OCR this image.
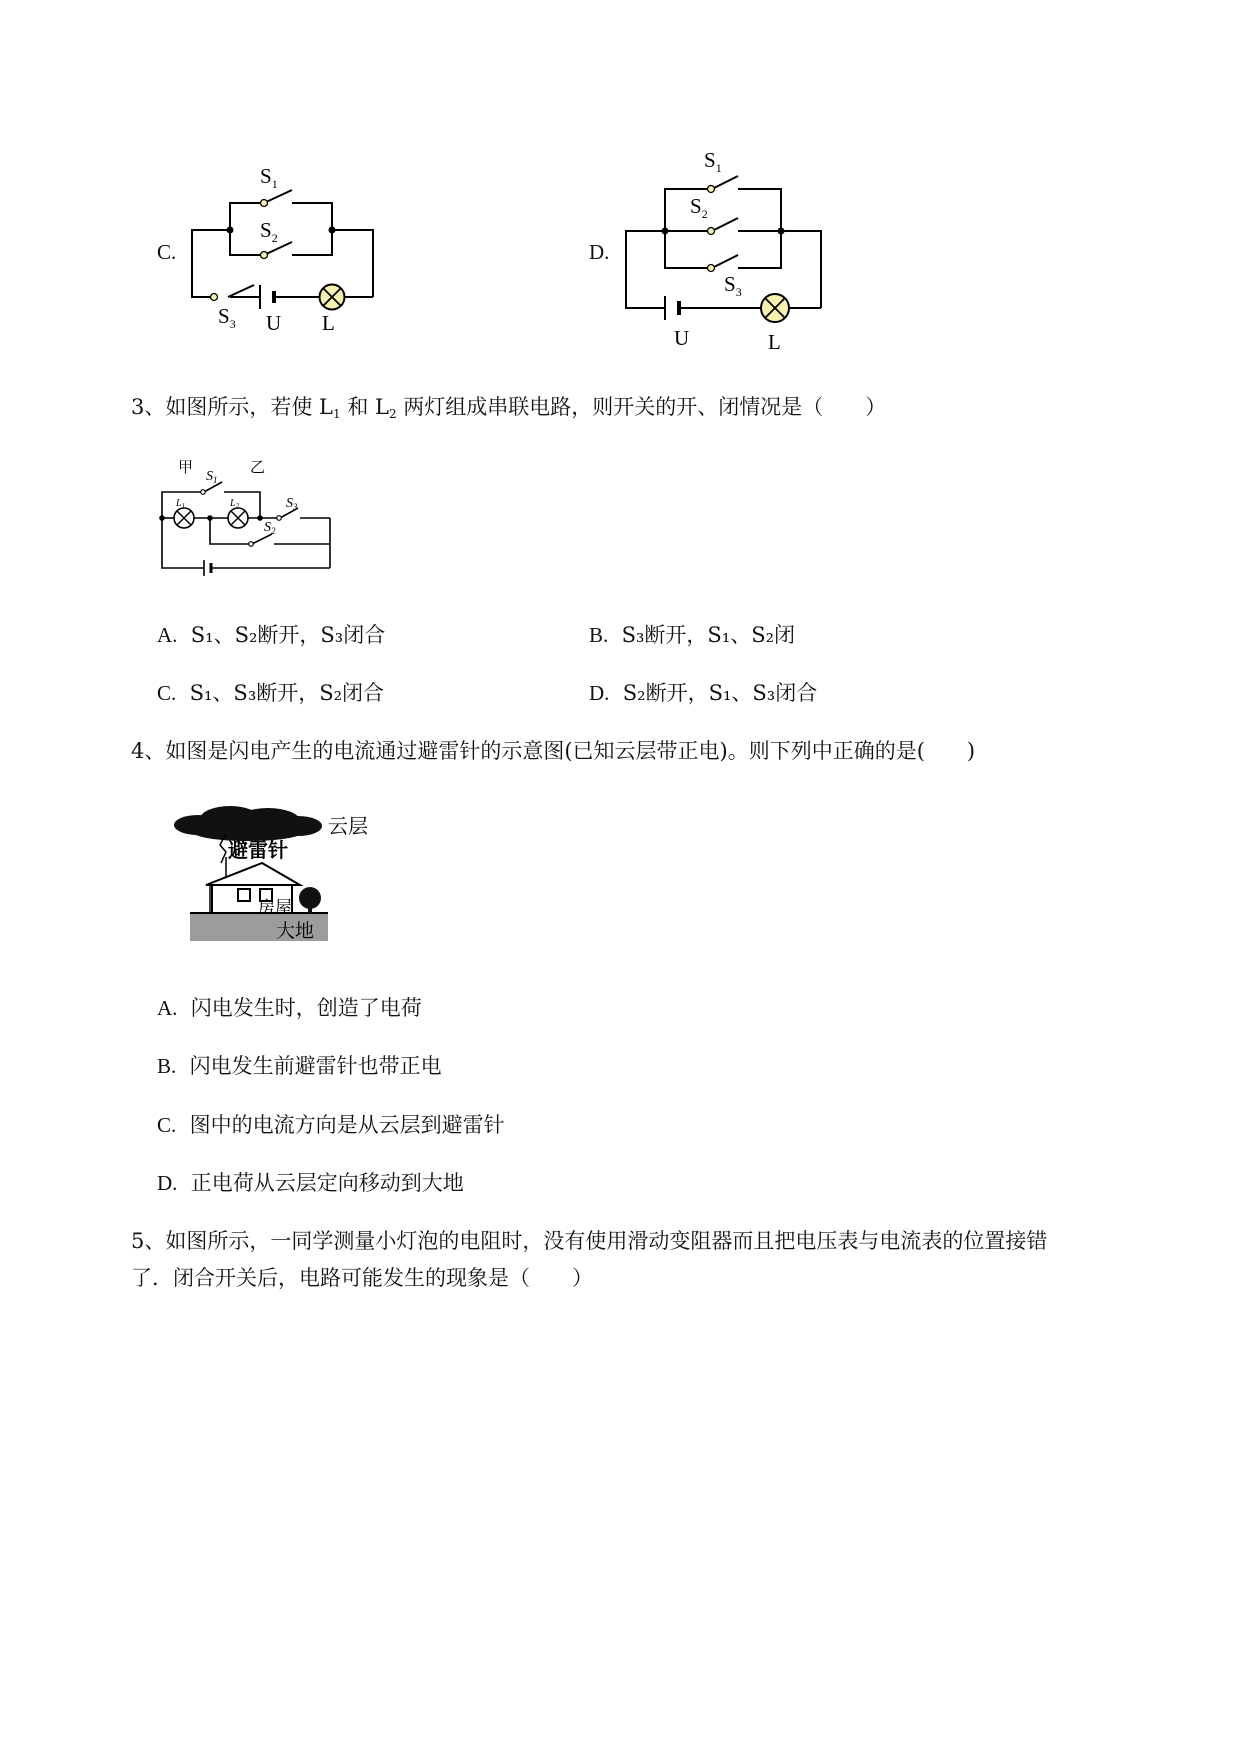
C.
$S_1$
$S_2$
$S_3$ U L
D.
$S_1$
$S_2$
$S_3$
U	L
3、如图所示，若使 $L_1$ 和 $L_2$ 两灯组成串联电路，则开关的开、闭情况是（　　）
甲	乙
$S_1$
$S_3$
$S_2$
$L_1$	$L_2$
A. S₁、S₂断开，S₃闭合	B. S₃断开，S₁、S₂闭
C. S₁、S₃断开，S₂闭合	D. S₂断开，S₁、S₃闭合
4、如图是闪电产生的电流通过避雷针的示意图(已知云层带正电)。则下列中正确的是(　　)
云层
避雷针
房屋
大地
A. 闪电发生时，创造了电荷
B. 闪电发生前避雷针也带正电
C. 图中的电流方向是从云层到避雷针
D. 正电荷从云层定向移动到大地
5、如图所示，一同学测量小灯泡的电阻时，没有使用滑动变阻器而且把电压表与电流表的位置接错
了．闭合开关后，电路可能发生的现象是（　　）
